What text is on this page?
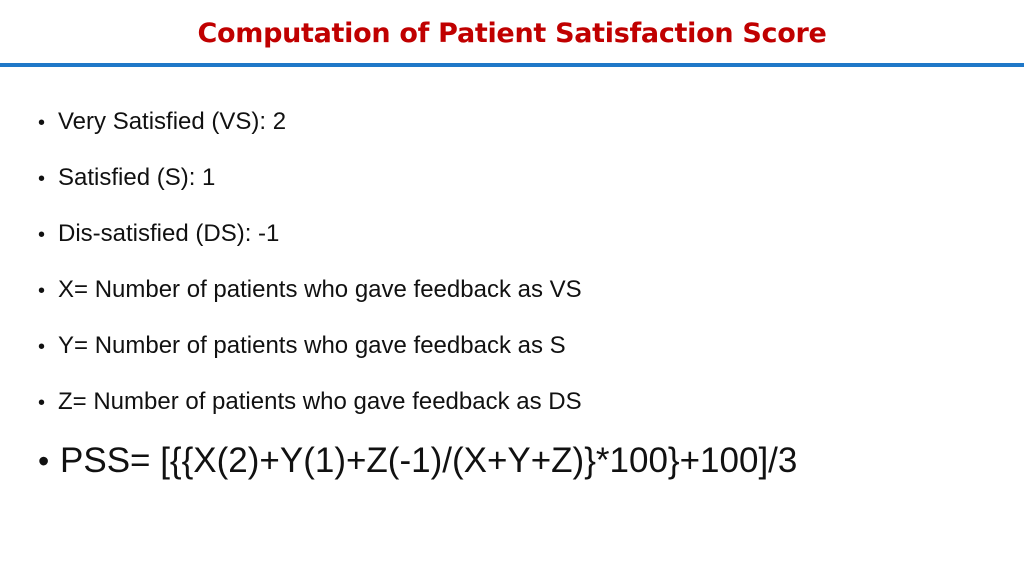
Computation of Patient Satisfaction Score
• Very Satisfied (VS): 2
• Satisfied (S): 1
• Dis-satisfied (DS): -1
• X= Number of patients who gave feedback as VS
• Y= Number of patients who gave feedback as S
• Z= Number of patients who gave feedback as DS
• PSS= [{{X(2)+Y(1)+Z(-1)/(X+Y+Z)}*100}+100]/3
